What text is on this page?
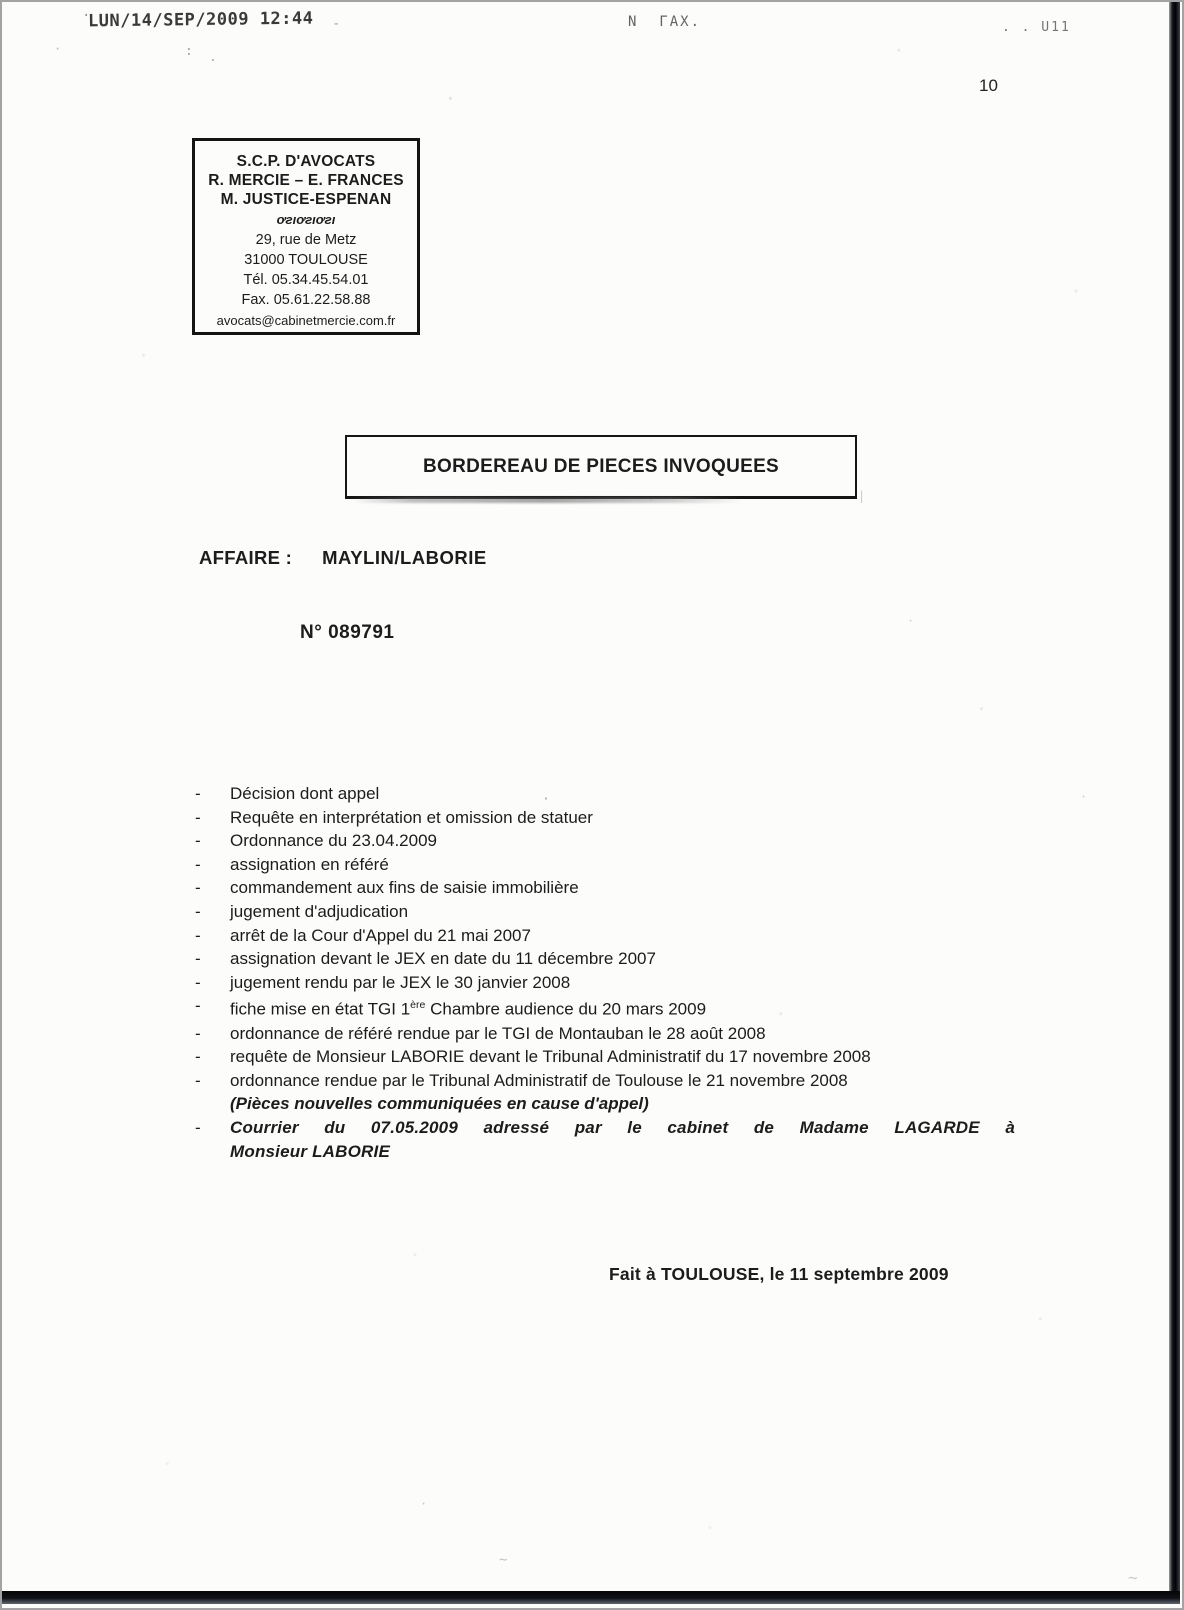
LUN/14/SEP/2009 12:44	N  ΓAX.	. . U11
10
S.C.P. D'AVOCATS
R. MERCIE – E. FRANCES
M. JUSTICE-ESPENAN
ơƨıơƨıơƨı
29, rue de Metz
31000 TOULOUSE
Tél. 05.34.45.54.01
Fax. 05.61.22.58.88
avocats@cabinetmercie.com.fr
BORDEREAU DE PIECES INVOQUEES
AFFAIRE : MAYLIN/LABORIE
N° 089791
-	Décision dont appel
-	Requête en interprétation et omission de statuer
-	Ordonnance du 23.04.2009
-	assignation en référé
-	commandement aux fins de saisie immobilière
-	jugement d'adjudication
-	arrêt de la Cour d'Appel du 21 mai 2007
-	assignation devant le JEX en date du 11 décembre 2007
-	jugement rendu par le JEX le 30 janvier 2008
-	fiche mise en état TGI 1ère Chambre audience du 20 mars 2009
-	ordonnance de référé rendue par le TGI de Montauban le 28 août 2008
-	requête de Monsieur LABORIE devant le Tribunal Administratif du 17 novembre 2008
-	ordonnance rendue par le Tribunal Administratif de Toulouse le 21 novembre 2008
(Pièces nouvelles communiquées en cause d'appel)
-	Courrier du 07.05.2009 adressé par le cabinet de Madame LAGARDE à
Monsieur LABORIE
Fait à TOULOUSE, le 11 septembre 2009
·	-
·	: .
·	·
|
∼
∼
·
·
